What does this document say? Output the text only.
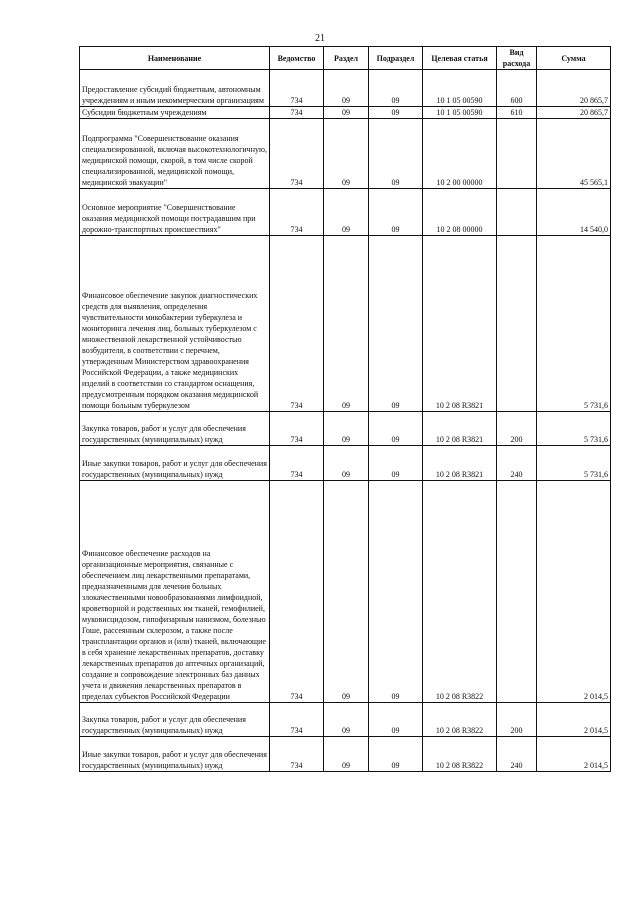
21
Наименование	Ведомство	Раздел	Подраздел	Целевая статья	Вид расхода	Сумма
Предоставление субсидий бюджетным, автономным учреждениям и иным некоммерческим организациям	734	09	09	10 1 05 00590	600	20 865,7
Субсидии бюджетным учреждениям	734	09	09	10 1 05 00590	610	20 865,7
Подпрограмма "Совершенствование оказания специализированной, включая высокотехнологичную, медицинской помощи, скорой, в том числе скорой специализированной, медицинской помощи, медицинской эвакуации"	734	09	09	10 2 00 00000		45 565,1
Основное мероприятие "Совершенствование оказания медицинской помощи пострадавшим при дорожно-транспортных происшествиях"	734	09	09	10 2 08 00000		14 540,0
Финансовое обеспечение закупок диагностических средств для выявления, определения чувствительности микобактерии туберкулеза и мониторинга лечения лиц, больных туберкулезом с множественной лекарственной устойчивостью возбудителя, в соответствии с перечнем, утвержденным Министерством здравоохранения Российской Федерации, а также медицинских изделий в соответствии со стандартом оснащения, предусмотренным порядком оказания медицинской помощи больным туберкулезом	734	09	09	10 2 08 R3821		5 731,6
Закупка товаров, работ и услуг для обеспечения государственных (муниципальных) нужд	734	09	09	10 2 08 R3821	200	5 731,6
Иные закупки товаров, работ и услуг для обеспечения государственных (муниципальных) нужд	734	09	09	10 2 08 R3821	240	5 731,6
Финансовое обеспечение расходов на организационные мероприятия, связанные с обеспечением лиц лекарственными препаратами, предназначенными для лечения больных злокачественными новообразованиями лимфоидной, кроветворной и родственных им тканей, гемофилией, муковисцидозом, гипофизарным нанизмом, болезнью Гоше, рассеянным склерозом, а также после трансплантации органов и (или) тканей, включающие в себя хранение лекарственных препаратов, доставку лекарственных препаратов до аптечных организаций, создание и сопровождение электронных баз данных учета и движения лекарственных препаратов в пределах субъектов Российской Федерации	734	09	09	10 2 08 R3822		2 014,5
Закупка товаров, работ и услуг для обеспечения государственных (муниципальных) нужд	734	09	09	10 2 08 R3822	200	2 014,5
Иные закупки товаров, работ и услуг для обеспечения государственных (муниципальных) нужд	734	09	09	10 2 08 R3822	240	2 014,5
